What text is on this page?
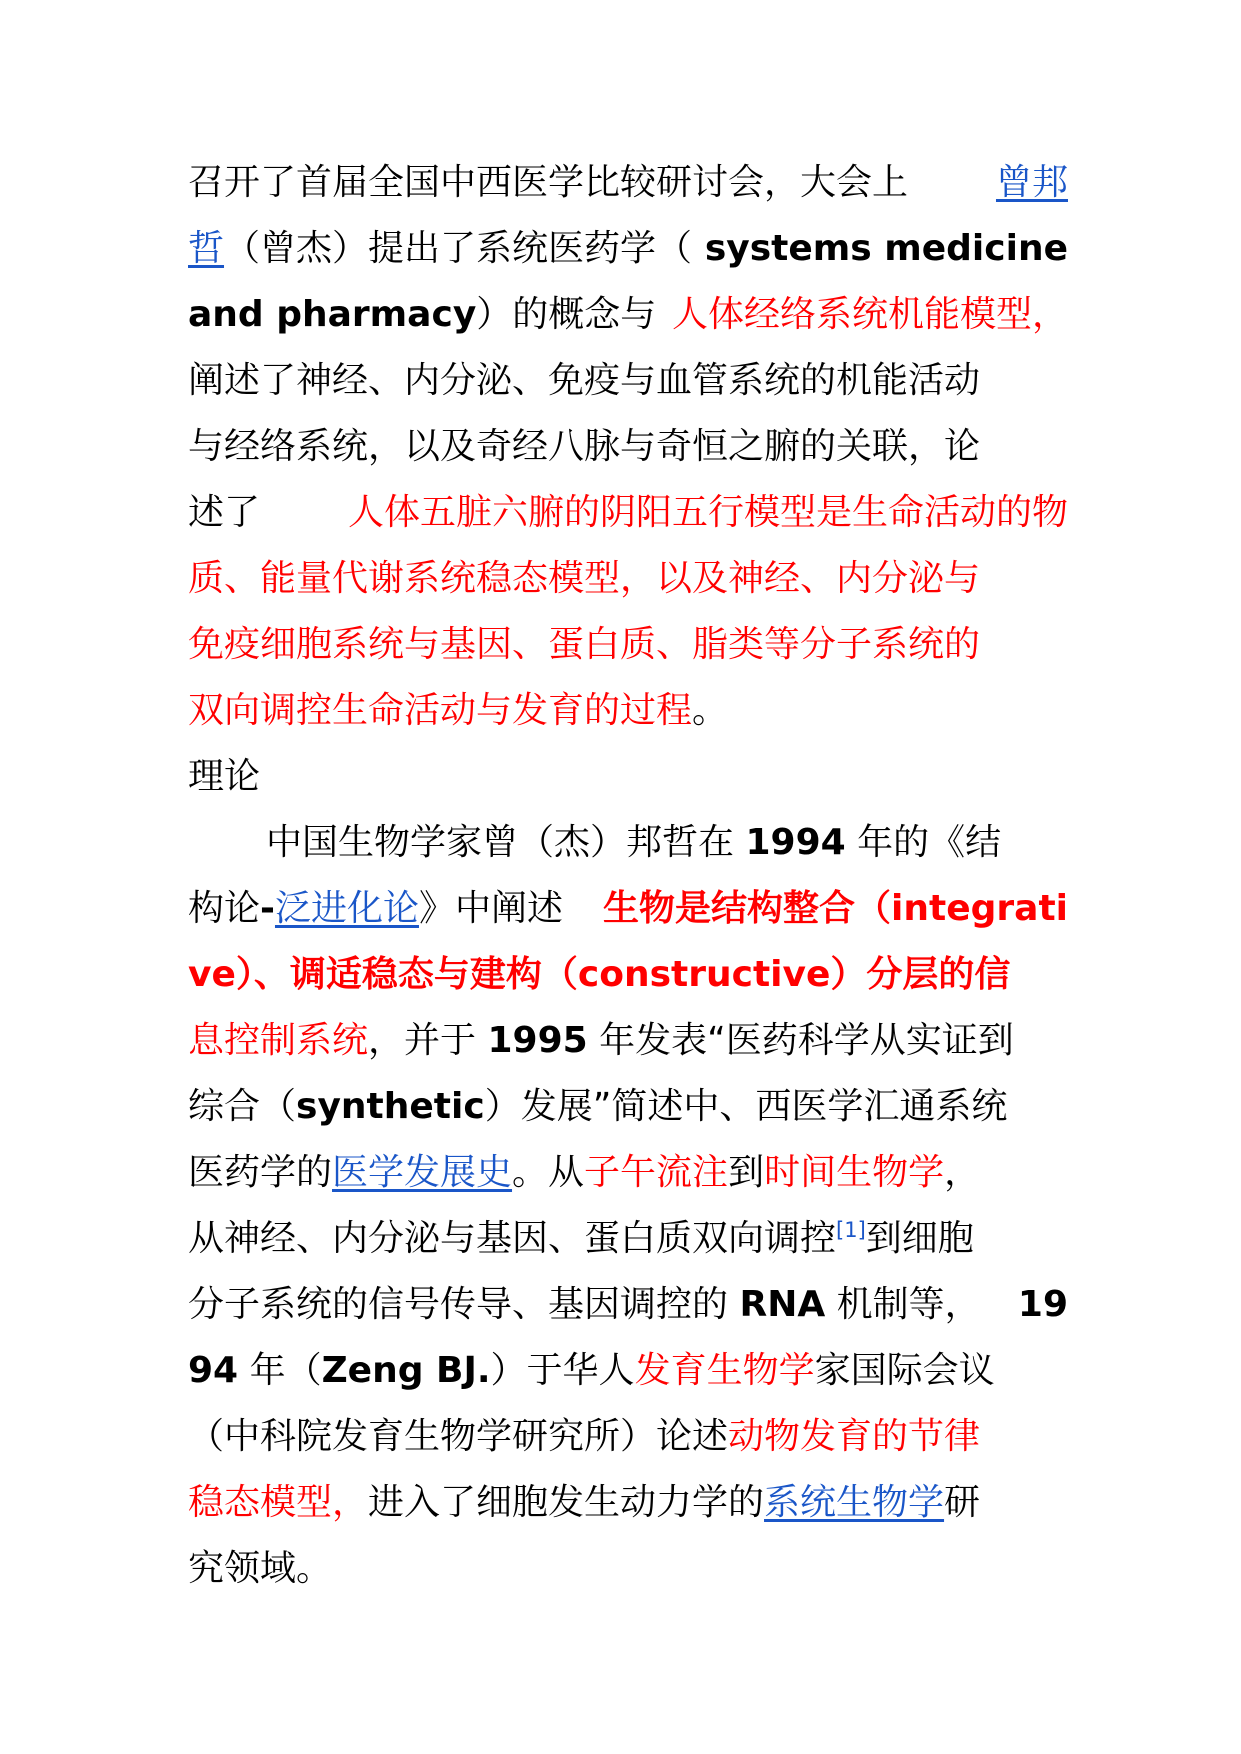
召开了首届全国中西医学比较研讨会，大会上 曾邦
哲（曾杰）提出了系统医药学（ systems medicine
and pharmacy）的概念与 人体经络系统机能模型，
阐述了神经、内分泌、免疫与血管系统的机能活动
与经络系统，以及奇经八脉与奇恒之腑的关联，论
述了 人体五脏六腑的阴阳五行模型是生命活动的物
质、能量代谢系统稳态模型，以及神经、内分泌与
免疫细胞系统与基因、蛋白质、脂类等分子系统的
双向调控生命活动与发育的过程。
理论
中国生物学家曾（杰）邦哲在 1994 年的《结
构论-泛进化论》中阐述 生物是结构整合（integrati
ve）、调适稳态与建构（constructive）分层的信
息控制系统，并于 1995 年发表“医药科学从实证到
综合（synthetic）发展”简述中、西医学汇通系统
医药学的医学发展史。从子午流注到时间生物学，
从神经、内分泌与基因、蛋白质双向调控[1]到细胞
分子系统的信号传导、基因调控的 RNA 机制等， 19
94 年（Zeng BJ.）于华人发育生物学家国际会议
（中科院发育生物学研究所）论述动物发育的节律
稳态模型，进入了细胞发生动力学的系统生物学研
究领域。
